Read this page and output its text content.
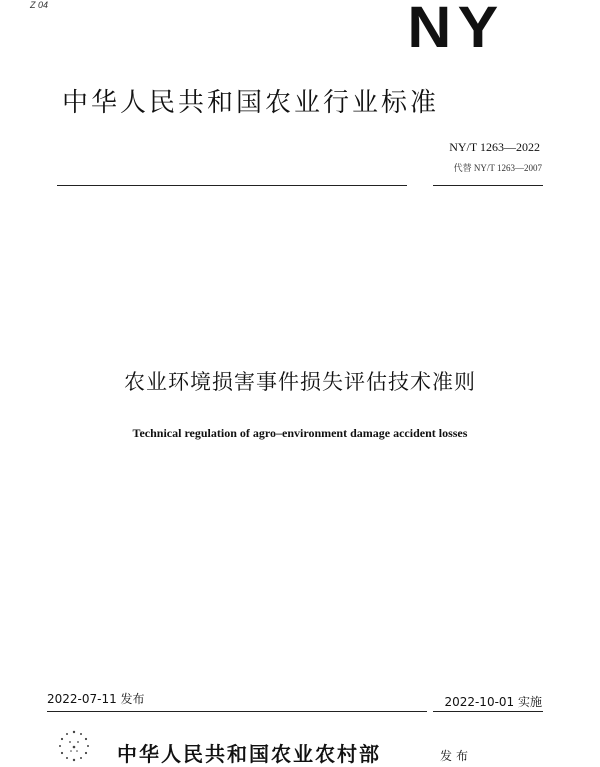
Z 04	NY
中华人民共和国农业行业标准
NY/T 1263—2022
代替 NY/T 1263—2007
农业环境损害事件损失评估技术准则
Technical regulation of agro–environment damage accident losses
2022-07-11 发布	2022-10-01 实施
中华人民共和国农业农村部	发布
